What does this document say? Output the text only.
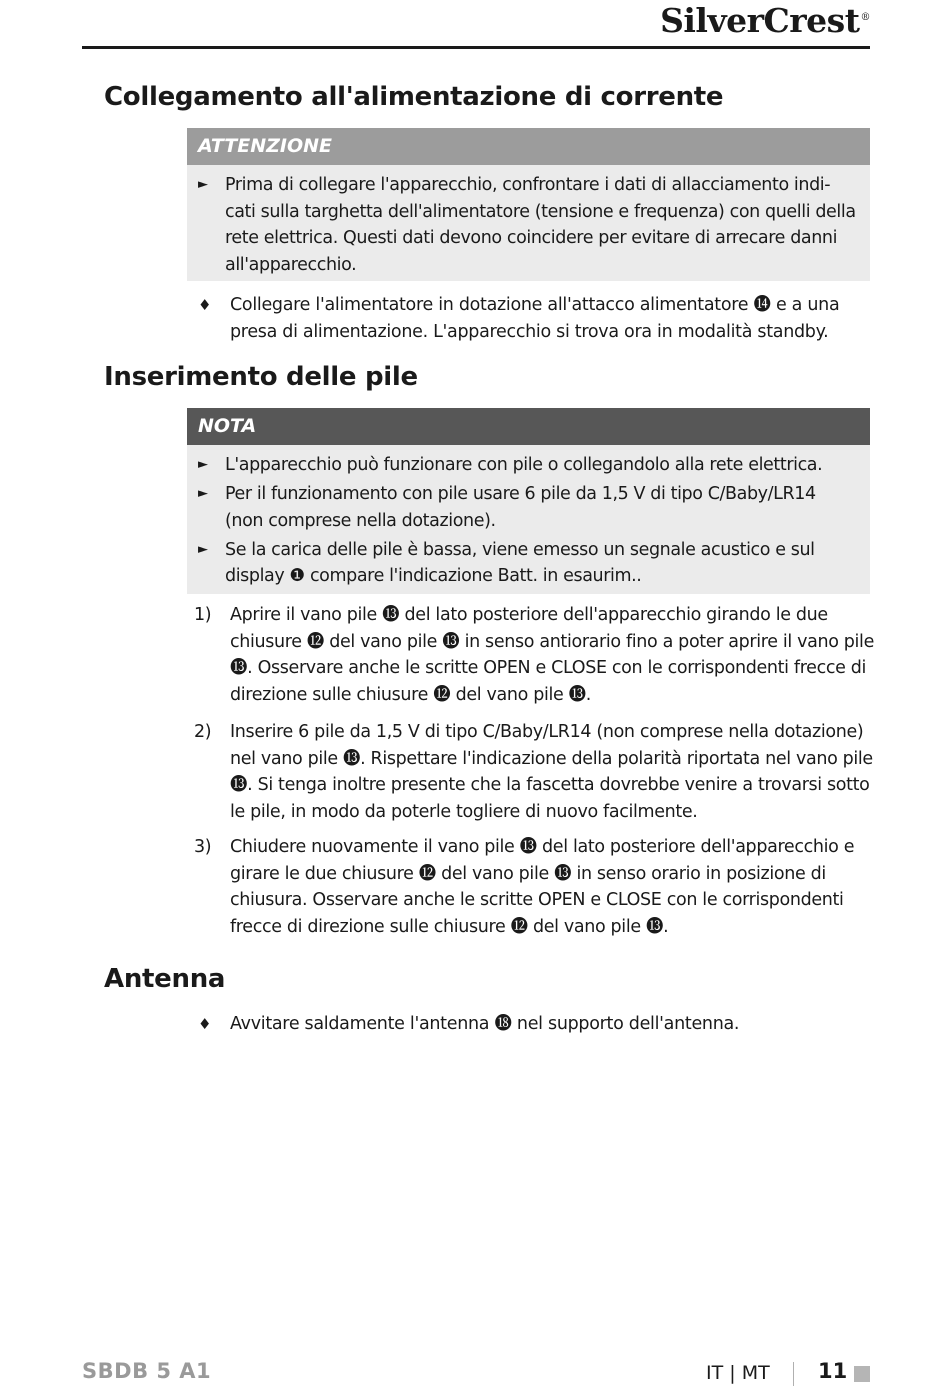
SilverCrest®
Collegamento all'alimentazione di corrente
ATTENZIONE
► Prima di collegare l'apparecchio, confrontare i dati di allacciamento indi-cati sulla targhetta dell'alimentatore (tensione e frequenza) con quelli della rete elettrica. Questi dati devono coincidere per evitare di arrecare danni all'apparecchio.
♦ Collegare l'alimentatore in dotazione all'attacco alimentatore ⓮ e a una presa di alimentazione. L'apparecchio si trova ora in modalità standby.
Inserimento delle pile
NOTA
► L'apparecchio può funzionare con pile o collegandolo alla rete elettrica.
► Per il funzionamento con pile usare 6 pile da 1,5 V di tipo C/Baby/LR14 (non comprese nella dotazione).
► Se la carica delle pile è bassa, viene emesso un segnale acustico e sul display ❶ compare l'indicazione Batt. in esaurim..
1) Aprire il vano pile ⓭ del lato posteriore dell'apparecchio girando le due chiusure ⓬ del vano pile ⓭ in senso antiorario fino a poter aprire il vano pile ⓭. Osservare anche le scritte OPEN e CLOSE con le corrispondenti frecce di direzione sulle chiusure ⓬ del vano pile ⓭.
2) Inserire 6 pile da 1,5 V di tipo C/Baby/LR14 (non comprese nella dotazione) nel vano pile ⓭. Rispettare l'indicazione della polarità riportata nel vano pile ⓭. Si tenga inoltre presente che la fascetta dovrebbe venire a trovarsi sotto le pile, in modo da poterle togliere di nuovo facilmente.
3) Chiudere nuovamente il vano pile ⓭ del lato posteriore dell'apparecchio e girare le due chiusure ⓬ del vano pile ⓭ in senso orario in posizione di chiusura. Osservare anche le scritte OPEN e CLOSE con le corrispondenti frecce di direzione sulle chiusure ⓬ del vano pile ⓭.
Antenna
♦ Avvitare saldamente l'antenna ⓲ nel supporto dell'antenna.
SBDB 5 A1	IT | MT 11
